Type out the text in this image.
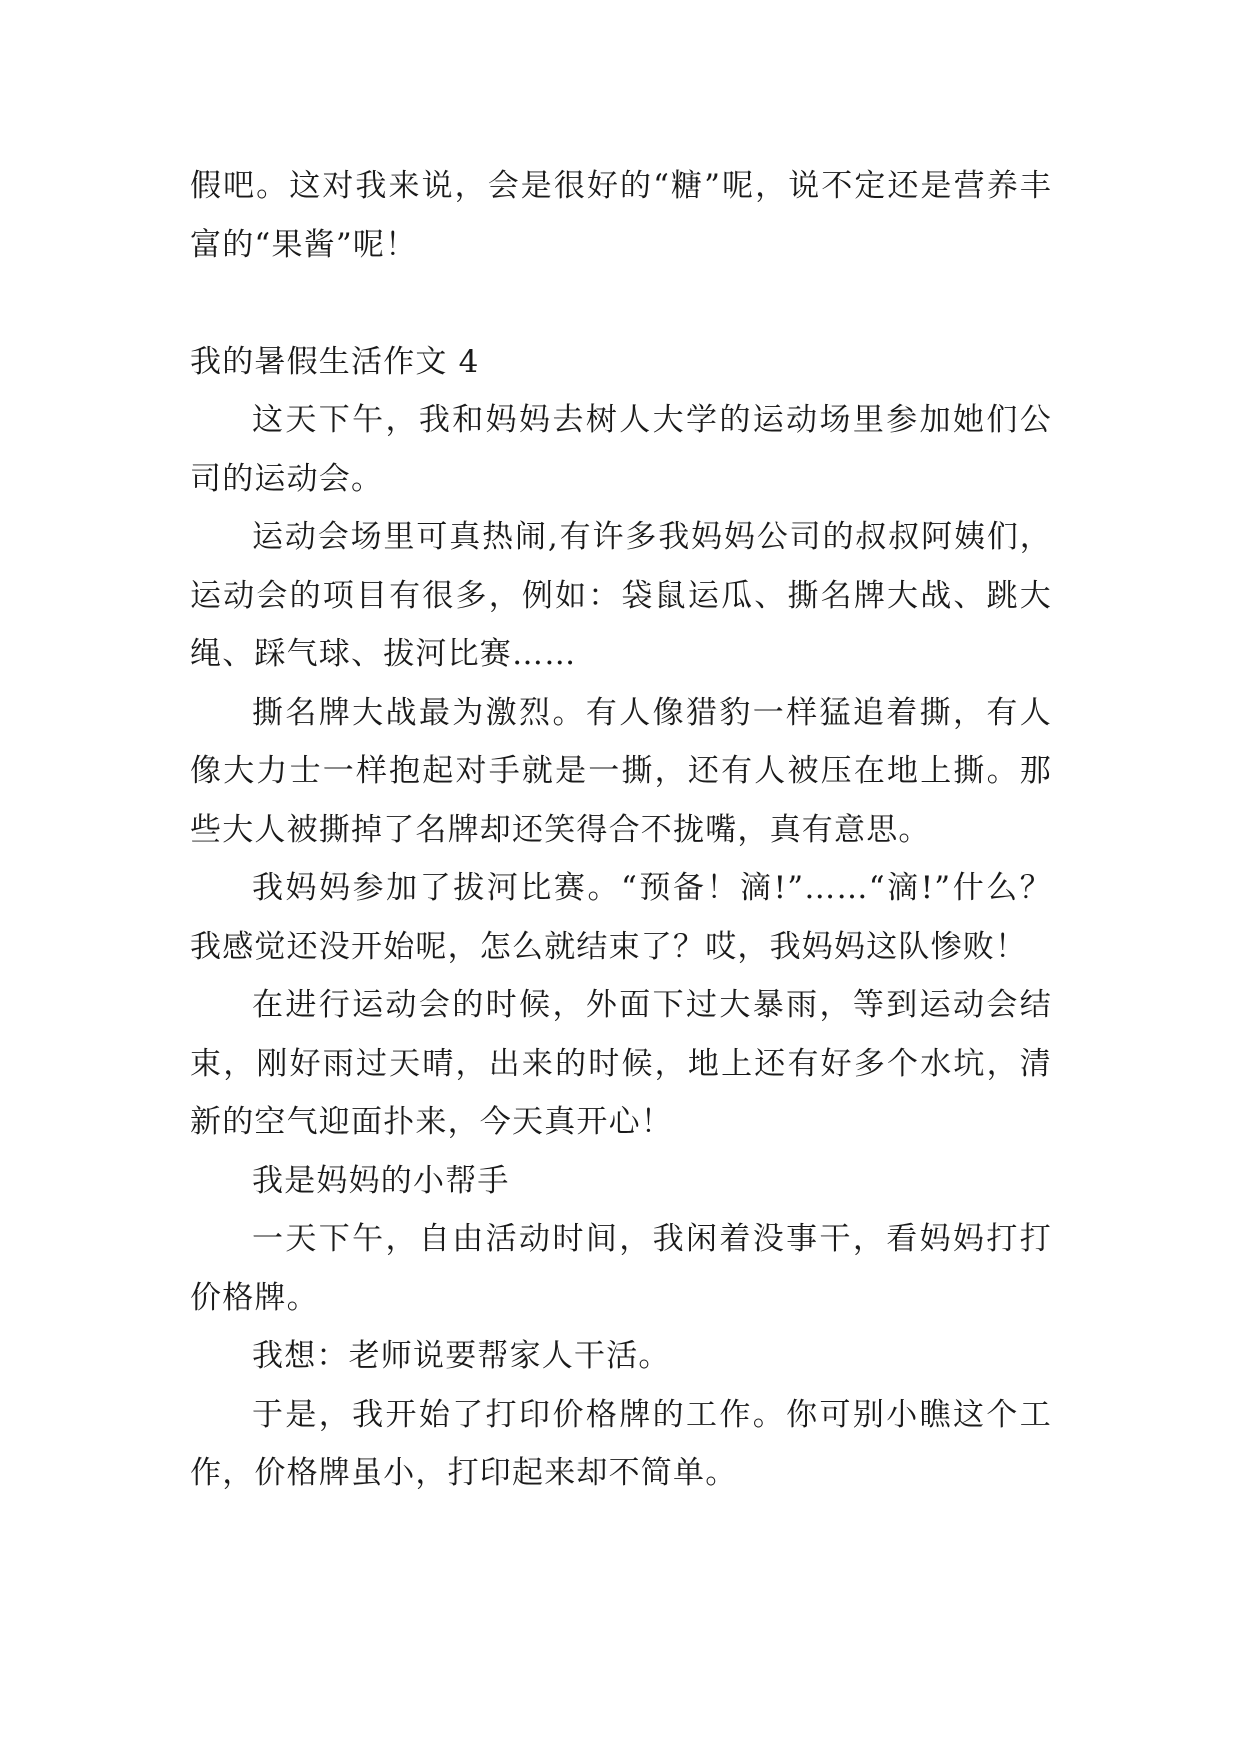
假吧。这对我来说，会是很好的“糖”呢，说不定还是营养丰富的“果酱”呢！

我的暑假生活作文 4

这天下午，我和妈妈去树人大学的运动场里参加她们公司的运动会。

运动会场里可真热闹,有许多我妈妈公司的叔叔阿姨们，运动会的项目有很多，例如：袋鼠运瓜、撕名牌大战、跳大绳、踩气球、拔河比赛……

撕名牌大战最为激烈。有人像猎豹一样猛追着撕，有人像大力士一样抱起对手就是一撕，还有人被压在地上撕。那些大人被撕掉了名牌却还笑得合不拢嘴，真有意思。

我妈妈参加了拔河比赛。“预备！滴!”……“滴!”什么？我感觉还没开始呢，怎么就结束了？哎，我妈妈这队惨败！

在进行运动会的时候，外面下过大暴雨，等到运动会结束，刚好雨过天晴，出来的时候，地上还有好多个水坑，清新的空气迎面扑来，今天真开心！

我是妈妈的小帮手

一天下午，自由活动时间，我闲着没事干，看妈妈打打价格牌。

我想：老师说要帮家人干活。

于是，我开始了打印价格牌的工作。你可别小瞧这个工作，价格牌虽小，打印起来却不简单。
